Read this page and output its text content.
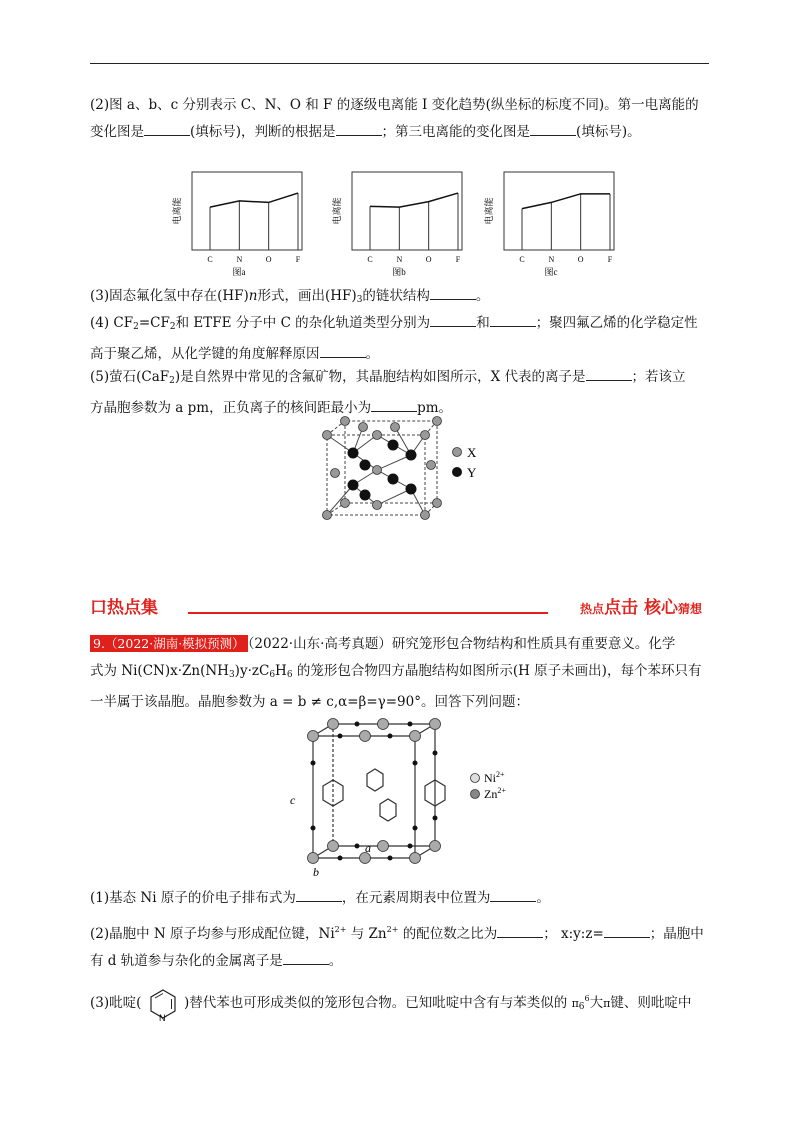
(2)图 a、b、c 分别表示 C、N、O 和 F 的逐级电离能 Ⅰ 变化趋势(纵坐标的标度不同)。第一电离能的
变化图是	(填标号)，判断的根据是	；第三电离能的变化图是	(填标号)。
电离能
C	N	O	F
图a
电离能
C	N	O	F
图b
电离能
C	N	O	F
图c
(3)固态氟化氢中存在(HF)n形式，画出$(HF)_3$的链状结构	。
(4) $CF_2=CF_2$和 ETFE 分子中 C 的杂化轨道类型分别为	和	；聚四氟乙烯的化学稳定性
高于聚乙烯，从化学键的角度解释原因	。
(5)萤石(CaF$_2$)是自然界中常见的含氟矿物，其晶胞结构如图所示，X 代表的离子是	；若该立
方晶胞参数为 a pm，正负离子的核间距最小为	pm。
X
Y
口热点集	热点点击 核心猜想
9.（2022·湖南·模拟预测） （2022·山东·高考真题）研究笼形包合物结构和性质具有重要意义。化学
式为 $Ni(CN)x\cdot Zn(NH_3)y\cdot zC_6H_6$ 的笼形包合物四方晶胞结构如图所示(H 原子未画出)，每个苯环只有
一半属于该晶胞。晶胞参数为 a = b ≠ c,α=β=γ=90°。回答下列问题：
$Ni^{2+}$
$Zn^{2+}$
a
b
c
(1)基态 Ni 原子的价电子排布式为	，在元素周期表中位置为	。
(2)晶胞中 N 原子均参与形成配位键，$Ni^{2+}$ 与 $Zn^{2+}$ 的配位数之比为	； x:y:z=	；晶胞中
有 d 轨道参与杂化的金属离子是	。
(3)吡啶(
N
)替代苯也可形成类似的笼形包合物。已知吡啶中含有与苯类似的 $\pi_6^6$大π键、则吡啶中
